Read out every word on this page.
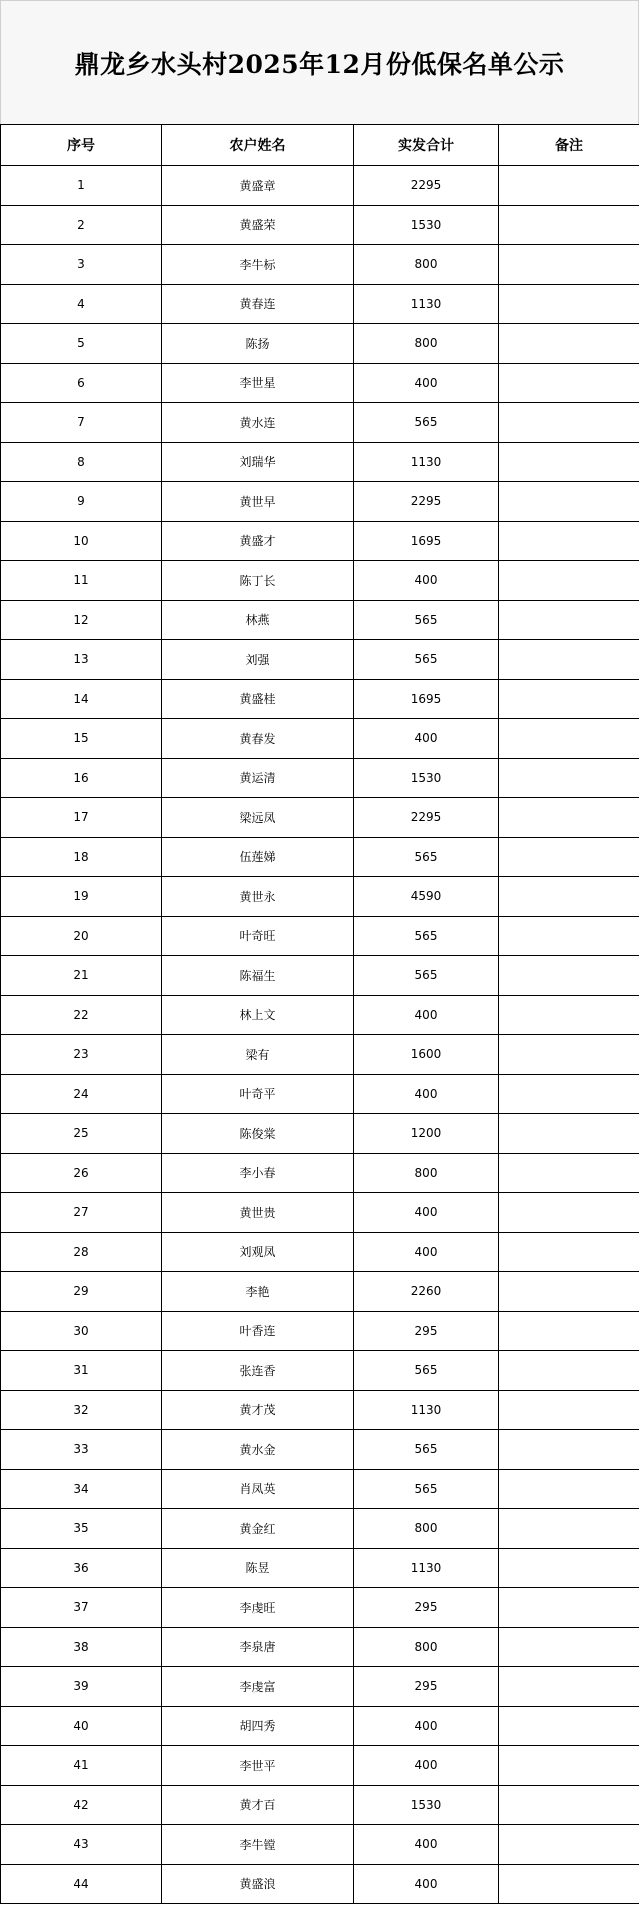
鼎龙乡水头村2025年12月份低保名单公示
序号	农户姓名	实发合计	备注
1	黄盛章	2295	
2	黄盛荣	1530	
3	李牛标	800	
4	黄春连	1130	
5	陈扬	800	
6	李世星	400	
7	黄水连	565	
8	刘瑞华	1130	
9	黄世早	2295	
10	黄盛才	1695	
11	陈丁长	400	
12	林燕	565	
13	刘强	565	
14	黄盛桂	1695	
15	黄春发	400	
16	黄运清	1530	
17	梁远凤	2295	
18	伍莲娣	565	
19	黄世永	4590	
20	叶奇旺	565	
21	陈福生	565	
22	林上文	400	
23	梁有	1600	
24	叶奇平	400	
25	陈俊棠	1200	
26	李小春	800	
27	黄世贵	400	
28	刘观凤	400	
29	李艳	2260	
30	叶香连	295	
31	张连香	565	
32	黄才茂	1130	
33	黄水金	565	
34	肖凤英	565	
35	黄金红	800	
36	陈昱	1130	
37	李虔旺	295	
38	李泉唐	800	
39	李虔富	295	
40	胡四秀	400	
41	李世平	400	
42	黄才百	1530	
43	李牛镗	400	
44	黄盛浪	400	
